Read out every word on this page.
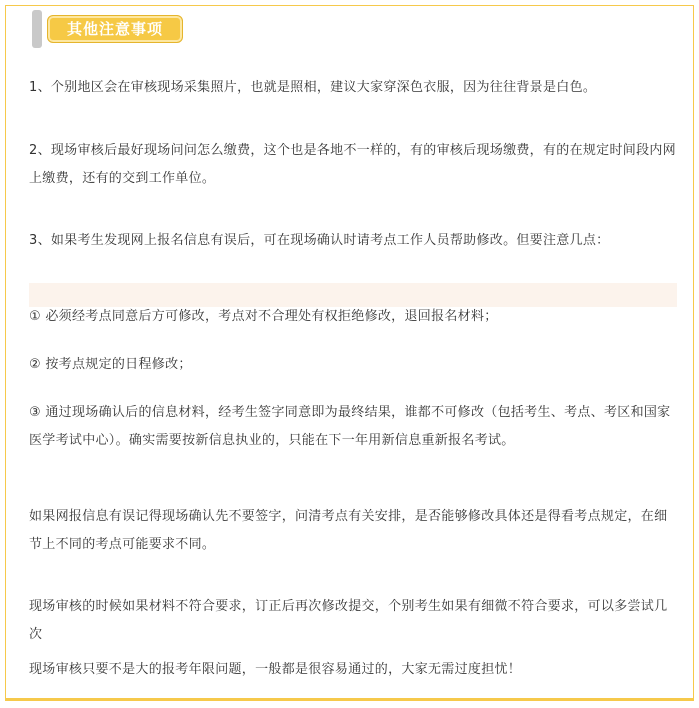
其他注意事项

1、个别地区会在审核现场采集照片，也就是照相，建议大家穿深色衣服，因为往往背景是白色。

2、现场审核后最好现场问问怎么缴费，这个也是各地不一样的，有的审核后现场缴费，有的在规定时间段内网上缴费，还有的交到工作单位。

3、如果考生发现网上报名信息有误后，可在现场确认时请考点工作人员帮助修改。但要注意几点：

① 必须经考点同意后方可修改，考点对不合理处有权拒绝修改，退回报名材料；

② 按考点规定的日程修改；

③ 通过现场确认后的信息材料，经考生签字同意即为最终结果，谁都不可修改（包括考生、考点、考区和国家医学考试中心）。确实需要按新信息执业的，只能在下一年用新信息重新报名考试。

如果网报信息有误记得现场确认先不要签字，问清考点有关安排，是否能够修改具体还是得看考点规定，在细节上不同的考点可能要求不同。

现场审核的时候如果材料不符合要求，订正后再次修改提交，个别考生如果有细微不符合要求，可以多尝试几次

现场审核只要不是大的报考年限问题，一般都是很容易通过的，大家无需过度担忧！
